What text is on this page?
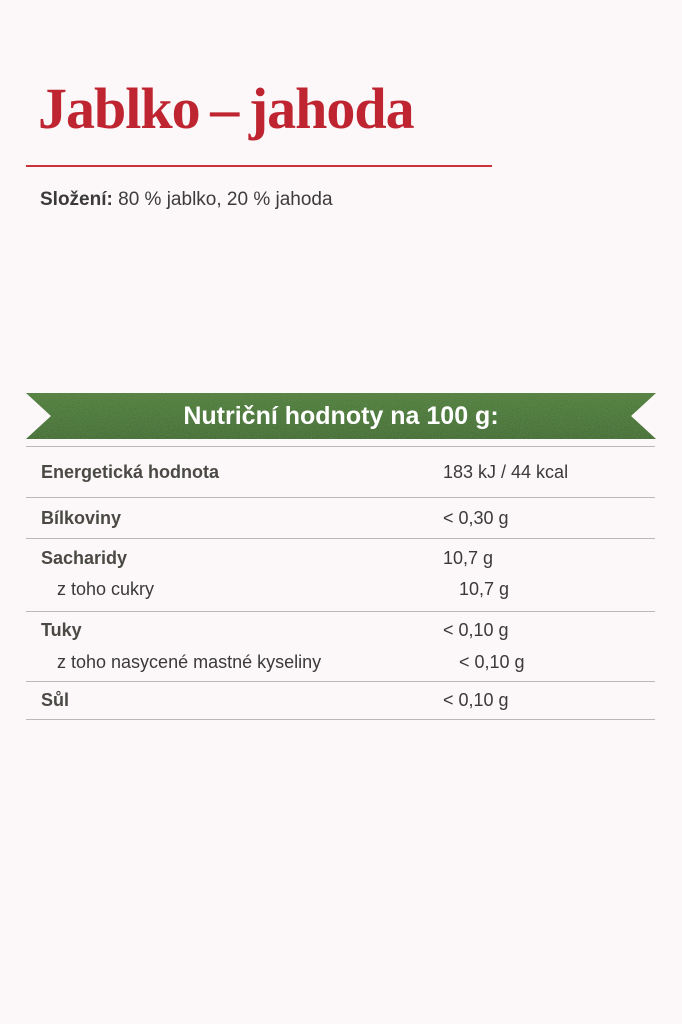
Jablko – jahoda
Složení: 80 % jablko, 20 % jahoda
Nutriční hodnoty na 100 g:
Energetická hodnota	183 kJ / 44 kcal
Bílkoviny	< 0,30 g
Sacharidy	10,7 g
z toho cukry	10,7 g
Tuky	< 0,10 g
z toho nasycené mastné kyseliny	< 0,10 g
Sůl	< 0,10 g
